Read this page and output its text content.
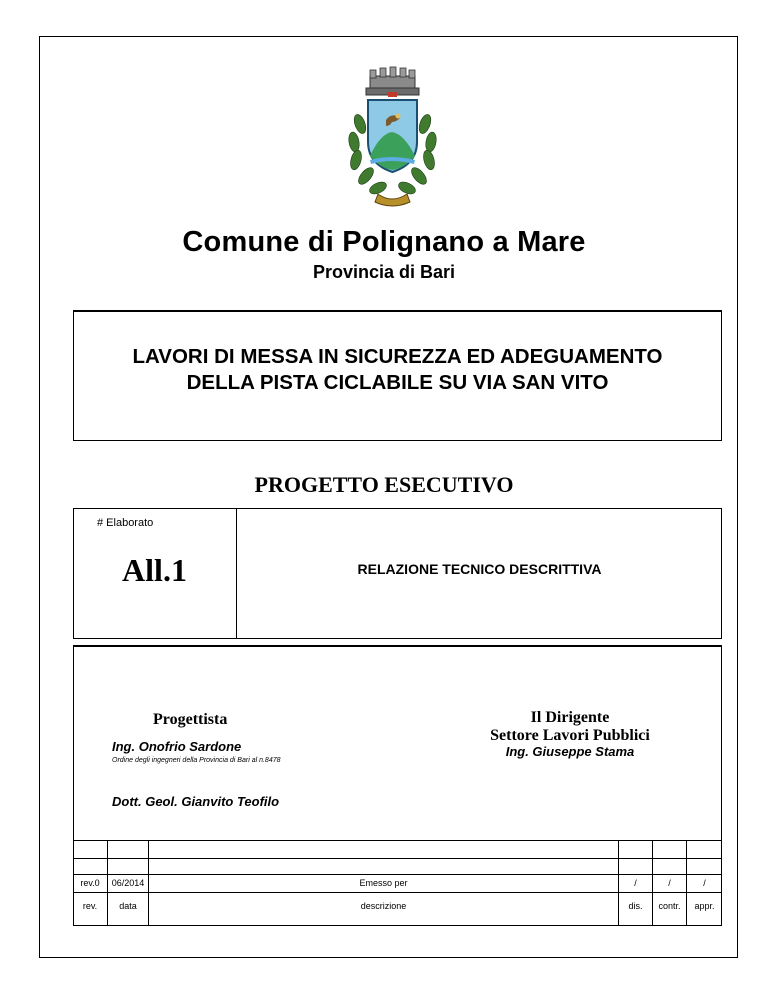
Comune di Polignano a Mare
Provincia di Bari
LAVORI DI MESSA IN SICUREZZA ED ADEGUAMENTO
DELLA PISTA CICLABILE SU VIA SAN VITO
PROGETTO ESECUTIVO
# Elaborato
All.1	RELAZIONE TECNICO DESCRITTIVA
Progettista
Ing. Onofrio Sardone
Ordine degli ingegneri della Provincia di Bari al n.8478
Il Dirigente
Settore Lavori Pubblici
Ing. Giuseppe Stama
Dott. Geol. Gianvito Teofilo
rev.0	06/2014	Emesso per	/	/	/
rev.	data	descrizione	dis.	contr.	appr.
